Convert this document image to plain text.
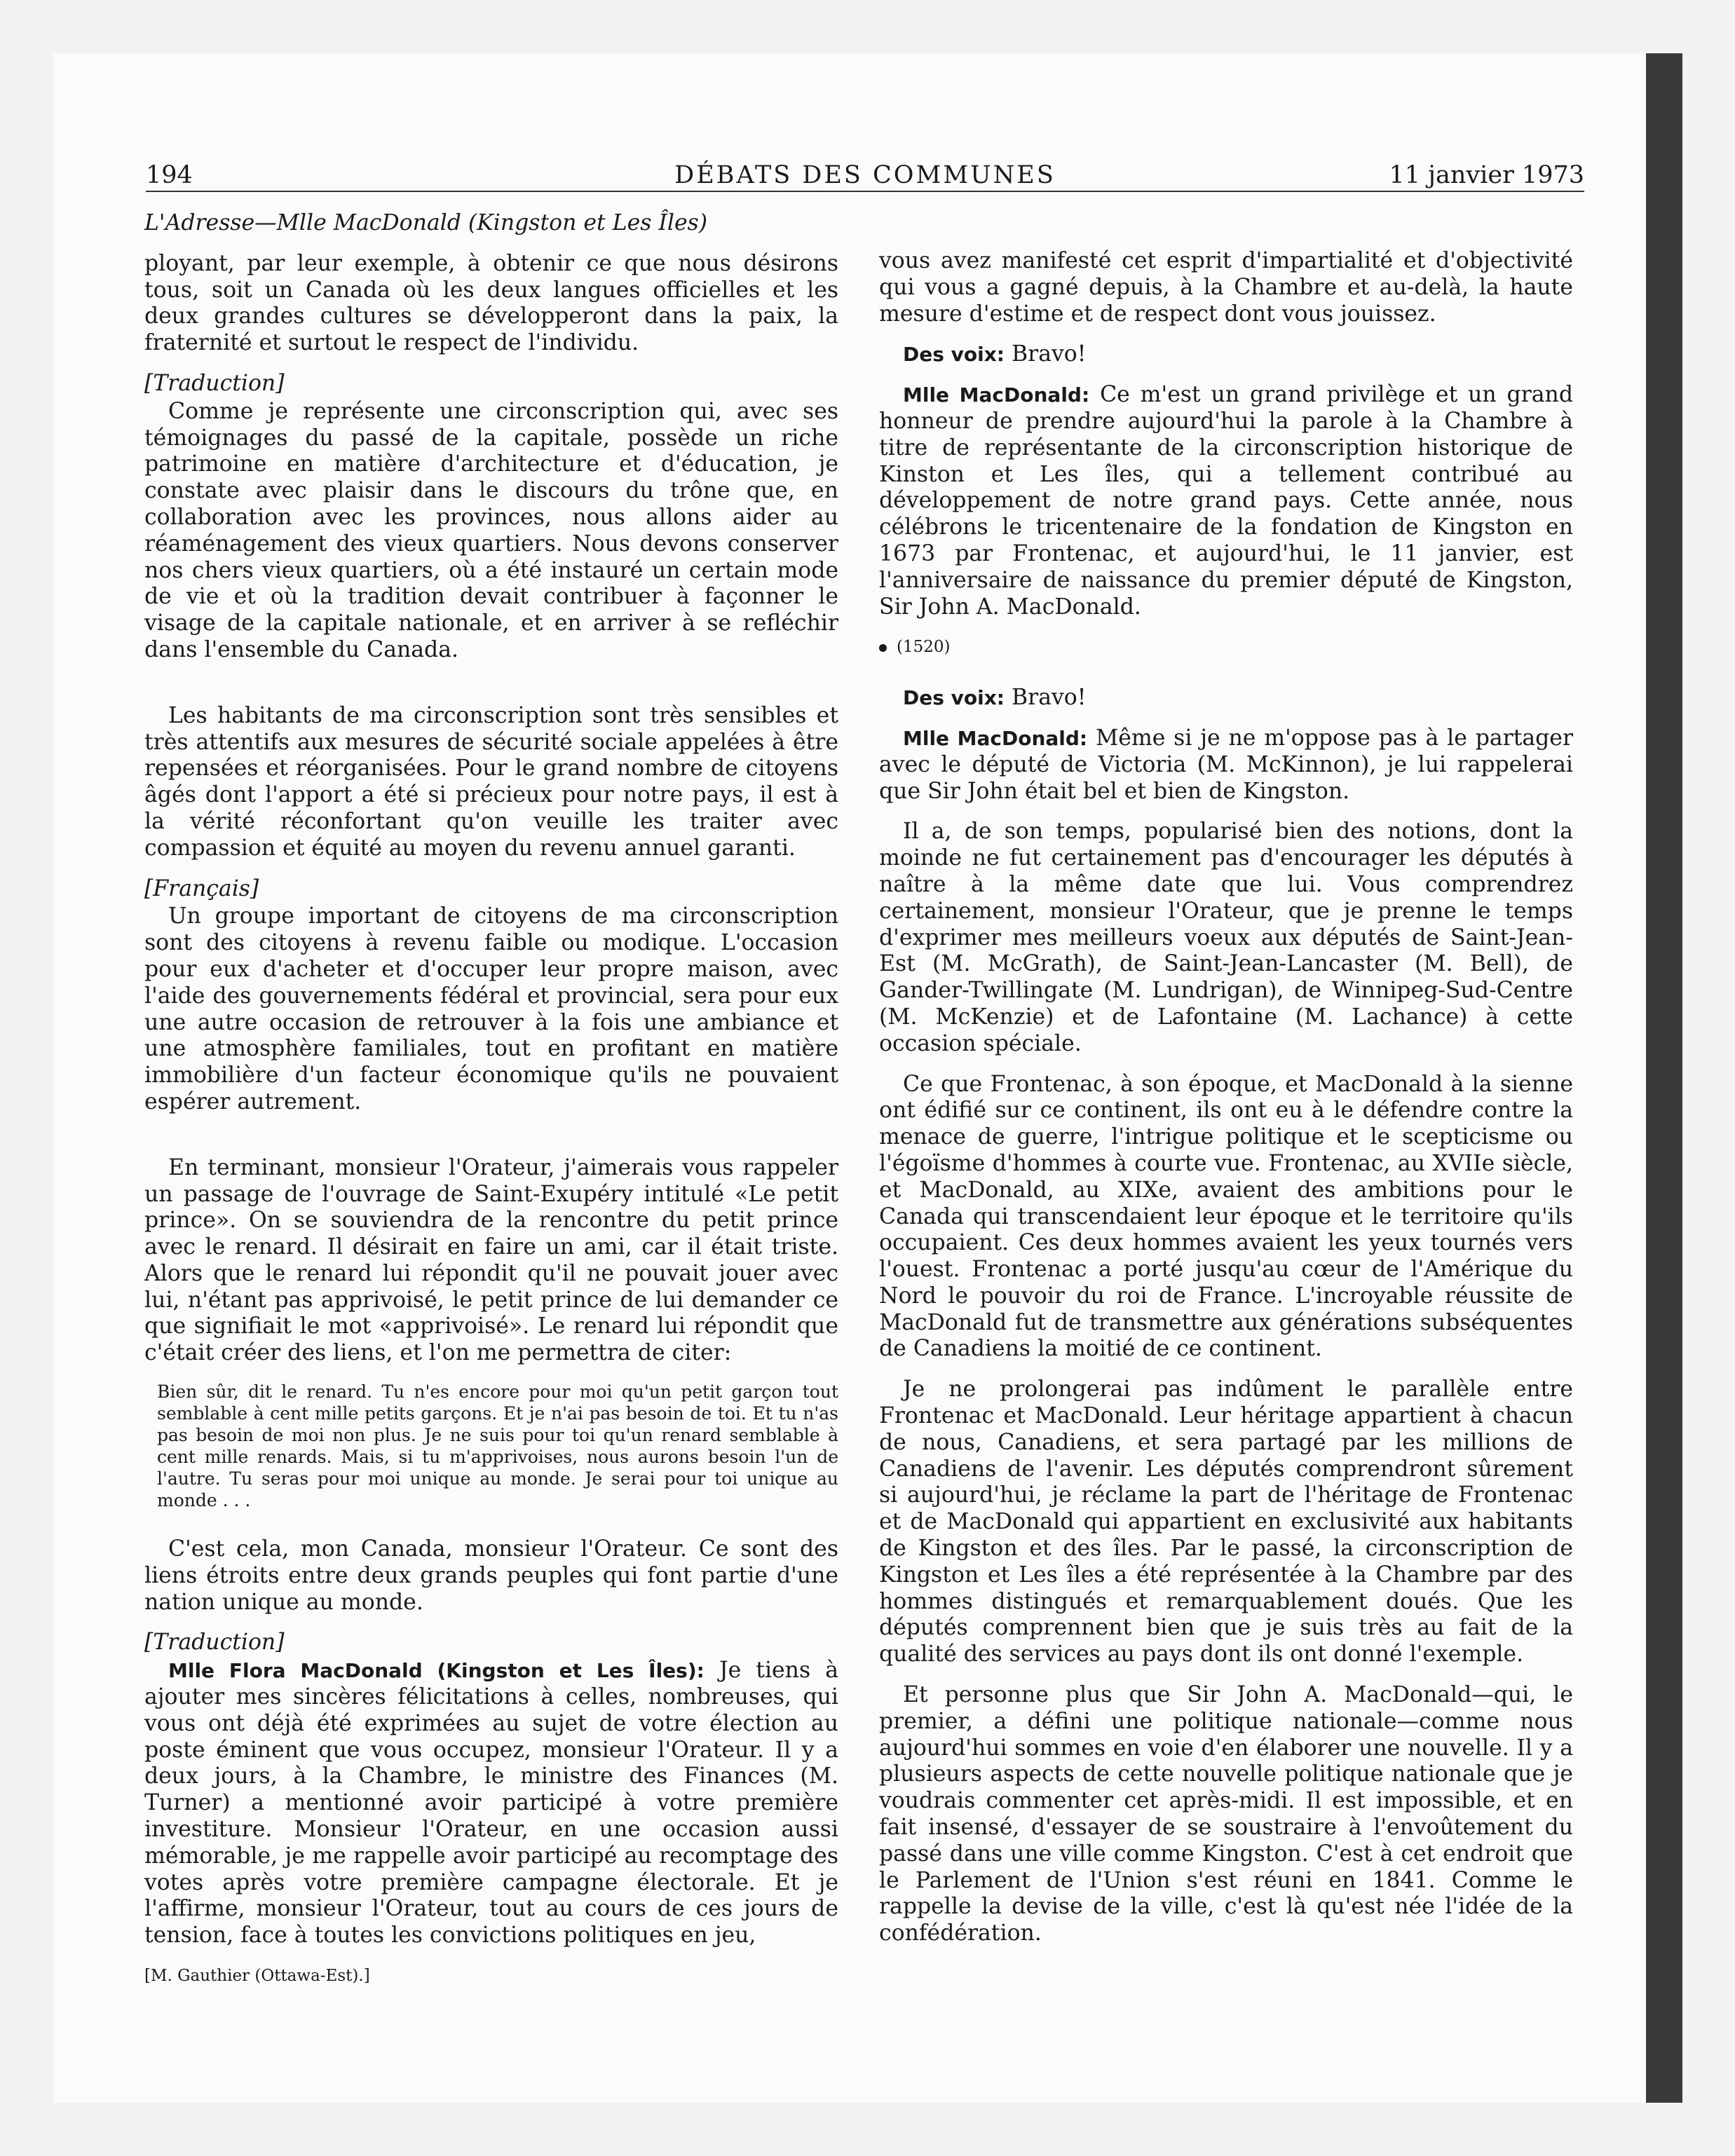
194	DÉBATS DES COMMUNES	11 janvier 1973

L'Adresse—Mlle MacDonald (Kingston et Les Îles)

ployant, par leur exemple, à obtenir ce que nous désirons tous, soit un Canada où les deux langues officielles et les deux grandes cultures se développeront dans la paix, la fraternité et surtout le respect de l'individu.

[Traduction]

Comme je représente une circonscription qui, avec ses témoignages du passé de la capitale, possède un riche patrimoine en matière d'architecture et d'éducation, je constate avec plaisir dans le discours du trône que, en collaboration avec les provinces, nous allons aider au réaménagement des vieux quartiers. Nous devons conserver nos chers vieux quartiers, où a été instauré un certain mode de vie et où la tradition devait contribuer à façonner le visage de la capitale nationale, et en arriver à se refléchir dans l'ensemble du Canada.

Les habitants de ma circonscription sont très sensibles et très attentifs aux mesures de sécurité sociale appelées à être repensées et réorganisées. Pour le grand nombre de citoyens âgés dont l'apport a été si précieux pour notre pays, il est à la vérité réconfortant qu'on veuille les traiter avec compassion et équité au moyen du revenu annuel garanti.

[Français]

Un groupe important de citoyens de ma circonscription sont des citoyens à revenu faible ou modique. L'occasion pour eux d'acheter et d'occuper leur propre maison, avec l'aide des gouvernements fédéral et provincial, sera pour eux une autre occasion de retrouver à la fois une ambiance et une atmosphère familiales, tout en profitant en matière immobilière d'un facteur économique qu'ils ne pouvaient espérer autrement.

En terminant, monsieur l'Orateur, j'aimerais vous rappeler un passage de l'ouvrage de Saint-Exupéry intitulé «Le petit prince». On se souviendra de la rencontre du petit prince avec le renard. Il désirait en faire un ami, car il était triste. Alors que le renard lui répondit qu'il ne pouvait jouer avec lui, n'étant pas apprivoisé, le petit prince de lui demander ce que signifiait le mot «apprivoisé». Le renard lui répondit que c'était créer des liens, et l'on me permettra de citer:

Bien sûr, dit le renard. Tu n'es encore pour moi qu'un petit garçon tout semblable à cent mille petits garçons. Et je n'ai pas besoin de toi. Et tu n'as pas besoin de moi non plus. Je ne suis pour toi qu'un renard semblable à cent mille renards. Mais, si tu m'apprivoises, nous aurons besoin l'un de l'autre. Tu seras pour moi unique au monde. Je serai pour toi unique au monde . . .

C'est cela, mon Canada, monsieur l'Orateur. Ce sont des liens étroits entre deux grands peuples qui font partie d'une nation unique au monde.

[Traduction]

Mlle Flora MacDonald (Kingston et Les Îles): Je tiens à ajouter mes sincères félicitations à celles, nombreuses, qui vous ont déjà été exprimées au sujet de votre élection au poste éminent que vous occupez, monsieur l'Orateur. Il y a deux jours, à la Chambre, le ministre des Finances (M. Turner) a mentionné avoir participé à votre première investiture. Monsieur l'Orateur, en une occasion aussi mémorable, je me rappelle avoir participé au recomptage des votes après votre première campagne électorale. Et je l'affirme, monsieur l'Orateur, tout au cours de ces jours de tension, face à toutes les convictions politiques en jeu,

[M. Gauthier (Ottawa-Est).]

vous avez manifesté cet esprit d'impartialité et d'objectivité qui vous a gagné depuis, à la Chambre et au-delà, la haute mesure d'estime et de respect dont vous jouissez.

Des voix: Bravo!

Mlle MacDonald: Ce m'est un grand privilège et un grand honneur de prendre aujourd'hui la parole à la Chambre à titre de représentante de la circonscription historique de Kinston et Les îles, qui a tellement contribué au développement de notre grand pays. Cette année, nous célébrons le tricentenaire de la fondation de Kingston en 1673 par Frontenac, et aujourd'hui, le 11 janvier, est l'anniversaire de naissance du premier député de Kingston, Sir John A. MacDonald.

(1520)

Des voix: Bravo!

Mlle MacDonald: Même si je ne m'oppose pas à le partager avec le député de Victoria (M. McKinnon), je lui rappelerai que Sir John était bel et bien de Kingston.

Il a, de son temps, popularisé bien des notions, dont la moinde ne fut certainement pas d'encourager les députés à naître à la même date que lui. Vous comprendrez certainement, monsieur l'Orateur, que je prenne le temps d'exprimer mes meilleurs voeux aux députés de Saint-Jean-Est (M. McGrath), de Saint-Jean-Lancaster (M. Bell), de Gander-Twillingate (M. Lundrigan), de Winnipeg-Sud-Centre (M. McKenzie) et de Lafontaine (M. Lachance) à cette occasion spéciale.

Ce que Frontenac, à son époque, et MacDonald à la sienne ont édifié sur ce continent, ils ont eu à le défendre contre la menace de guerre, l'intrigue politique et le scepticisme ou l'égoïsme d'hommes à courte vue. Frontenac, au XVIIe siècle, et MacDonald, au XIXe, avaient des ambitions pour le Canada qui transcendaient leur époque et le territoire qu'ils occupaient. Ces deux hommes avaient les yeux tournés vers l'ouest. Frontenac a porté jusqu'au cœur de l'Amérique du Nord le pouvoir du roi de France. L'incroyable réussite de MacDonald fut de transmettre aux générations subséquentes de Canadiens la moitié de ce continent.

Je ne prolongerai pas indûment le parallèle entre Frontenac et MacDonald. Leur héritage appartient à chacun de nous, Canadiens, et sera partagé par les millions de Canadiens de l'avenir. Les députés comprendront sûrement si aujourd'hui, je réclame la part de l'héritage de Frontenac et de MacDonald qui appartient en exclusivité aux habitants de Kingston et des îles. Par le passé, la circonscription de Kingston et Les îles a été représentée à la Chambre par des hommes distingués et remarquablement doués. Que les députés comprennent bien que je suis très au fait de la qualité des services au pays dont ils ont donné l'exemple.

Et personne plus que Sir John A. MacDonald—qui, le premier, a défini une politique nationale—comme nous aujourd'hui sommes en voie d'en élaborer une nouvelle. Il y a plusieurs aspects de cette nouvelle politique nationale que je voudrais commenter cet après-midi. Il est impossible, et en fait insensé, d'essayer de se soustraire à l'envoûtement du passé dans une ville comme Kingston. C'est à cet endroit que le Parlement de l'Union s'est réuni en 1841. Comme le rappelle la devise de la ville, c'est là qu'est née l'idée de la confédération.
